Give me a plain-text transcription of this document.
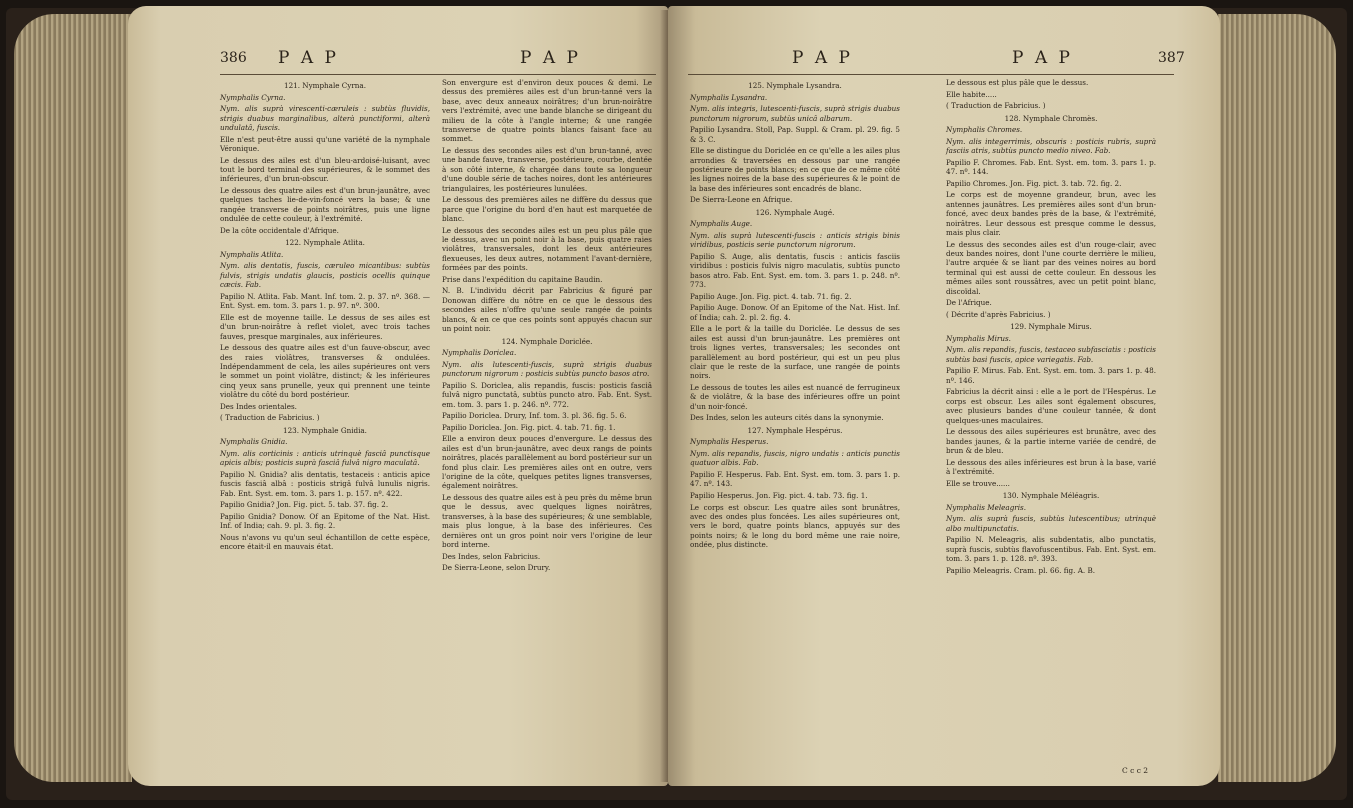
386 P A P	P A P

121. Nymphale Cyrna.

Nymphalis Cyrna.

Nym. alis suprà virescenti-cæruleis : subtùs fluvidis, strigis duabus marginalibus, alterà punctiformi, alterà undulatâ, fuscis.

Elle n'est peut-être aussi qu'une variété de la nymphale Véronique.

Le dessus des ailes est d'un bleu-ardoisé-luisant, avec tout le bord terminal des supérieures, & le sommet des inférieures, d'un brun-obscur.

Le dessous des quatre ailes est d'un brun-jaunâtre, avec quelques taches lie-de-vin-foncé vers la base; & une rangée transverse de points noirâtres, puis une ligne ondulée de cette couleur, à l'extrémité.

De la côte occidentale d'Afrique.

122. Nymphale Atlita.

Nymphalis Atlita.

Nym. alis dentatis, fuscis, cæruleo micantibus: subtùs fulvis, strigis undatis glaucis, posticis ocellis quinque cæcis. Fab.

Papilio N. Atlita. Fab. Mant. Inf. tom. 2. p. 37. nº. 368. — Ent. Syst. em. tom. 3. pars 1. p. 97. nº. 300.

Elle est de moyenne taille. Le dessus de ses ailes est d'un brun-noirâtre à reflet violet, avec trois taches fauves, presque marginales, aux inférieures.

Le dessous des quatre ailes est d'un fauve-obscur, avec des raies violâtres, transverses & ondulées. Indépendamment de cela, les ailes supérieures ont vers le sommet un point violâtre, distinct; & les inférieures cinq yeux sans prunelle, yeux qui prennent une teinte violâtre du côté du bord postérieur.

Des Indes orientales.

( Traduction de Fabricius. )

123. Nymphale Gnidia.

Nymphalis Gnidia.

Nym. alis corticinis : anticis utrinquè fasciâ punctisque apicis albis; posticis suprà fasciâ fulvâ nigro maculatâ.

Papilio N. Gnidia? alis dentatis, testaceis : anticis apice fuscis fasciâ albâ : posticis strigâ fulvâ lunulis nigris. Fab. Ent. Syst. em. tom. 3. pars 1. p. 157. nº. 422.

Papilio Gnidia? Jon. Fig. pict. 5. tab. 37. fig. 2.

Papilio Gnidia? Donow. Of an Epitome of the Nat. Hist. Inf. of India; cah. 9. pl. 3. fig. 2.

Nous n'avons vu qu'un seul échantillon de cette espèce, encore était-il en mauvais état.

Son envergure est d'environ deux pouces & demi. Le dessus des premières ailes est d'un brun-tanné vers la base, avec deux anneaux noirâtres; d'un brun-noirâtre vers l'extrémité, avec une bande blanche se dirigeant du milieu de la côte à l'angle interne; & une rangée transverse de quatre points blancs faisant face au sommet.

Le dessus des secondes ailes est d'un brun-tanné, avec une bande fauve, transverse, postérieure, courbe, dentée à son côté interne, & chargée dans toute sa longueur d'une double série de taches noires, dont les antérieures triangulaires, les postérieures lunulées.

Le dessous des premières ailes ne diffère du dessus que parce que l'origine du bord d'en haut est marquetée de blanc.

Le dessous des secondes ailes est un peu plus pâle que le dessus, avec un point noir à la base, puis quatre raies violâtres, transversales, dont les deux antérieures flexueuses, les deux autres, notamment l'avant-dernière, formées par des points.

Prise dans l'expédition du capitaine Baudin.

N. B. L'individu décrit par Fabricius & figuré par Donowan diffère du nôtre en ce que le dessous des secondes ailes n'offre qu'une seule rangée de points blancs, & en ce que ces points sont appuyés chacun sur un point noir.

124. Nymphale Doriclée.

Nymphalis Doriclea.

Nym. alis lutescenti-fuscis, suprà strigis duabus punctorum nigrorum : posticis subtùs puncto basos atro.

Papilio S. Doriclea, alis repandis, fuscis: posticis fasciâ fulvâ nigro punctatâ, subtùs puncto atro. Fab. Ent. Syst. em. tom. 3. pars 1. p. 246. nº. 772.

Papilio Doriclea. Drury, Inf. tom. 3. pl. 36. fig. 5. 6.

Papilio Doriclea. Jon. Fig. pict. 4. tab. 71. fig. 1.

Elle a environ deux pouces d'envergure. Le dessus des ailes est d'un brun-jaunâtre, avec deux rangs de points noirâtres, placés parallèlement au bord postérieur sur un fond plus clair. Les premières ailes ont en outre, vers l'origine de la côte, quelques petites lignes transverses, également noirâtres.

Le dessous des quatre ailes est à peu près du même brun que le dessus, avec quelques lignes noirâtres, transverses, à la base des supérieures; & une semblable, mais plus longue, à la base des inférieures. Ces dernières ont un gros point noir vers l'origine de leur bord interne.

Des Indes, selon Fabricius.

De Sierra-Leone, selon Drury.

P A P	P A P	387

125. Nymphale Lysandra.

Nymphalis Lysandra.

Nym. alis integris, lutescenti-fuscis, suprà strigis duabus punctorum nigrorum, subtùs unicâ albarum.

Papilio Lysandra. Stoll, Pap. Suppl. & Cram. pl. 29. fig. 5 & 3. C.

Elle se distingue du Doriclée en ce qu'elle a les ailes plus arrondies & traversées en dessous par une rangée postérieure de points blancs; en ce que de ce même côté les lignes noires de la base des supérieures & le point de la base des inférieures sont encadrés de blanc.

De Sierra-Leone en Afrique.

126. Nymphale Augé.

Nymphalis Auge.

Nym. alis suprà lutescenti-fuscis : anticis strigis binis viridibus, posticis serie punctorum nigrorum.

Papilio S. Auge, alis dentatis, fuscis : anticis fasciis viridibus : posticis fulvis nigro maculatis, subtùs puncto basos atro. Fab. Ent. Syst. em. tom. 3. pars 1. p. 248. nº. 773.

Papilio Auge. Jon. Fig. pict. 4. tab. 71. fig. 2.

Papilio Auge. Donow. Of an Epitome of the Nat. Hist. Inf. of India; cah. 2. pl. 2. fig. 4.

Elle a le port & la taille du Doriclée. Le dessus de ses ailes est aussi d'un brun-jaunâtre. Les premières ont trois lignes vertes, transversales; les secondes ont parallèlement au bord postérieur, qui est un peu plus clair que le reste de la surface, une rangée de points noirs.

Le dessous de toutes les ailes est nuancé de ferrugineux & de violâtre, & la base des inférieures offre un point d'un noir-foncé.

Des Indes, selon les auteurs cités dans la synonymie.

127. Nymphale Hespérus.

Nymphalis Hesperus.

Nym. alis repandis, fuscis, nigro undatis : anticis punctis quatuor albis. Fab.

Papilio F. Hesperus. Fab. Ent. Syst. em. tom. 3. pars 1. p. 47. nº. 143.

Papilio Hesperus. Jon. Fig. pict. 4. tab. 73. fig. 1.

Le corps est obscur. Les quatre ailes sont brunâtres, avec des ondes plus foncées. Les ailes supérieures ont, vers le bord, quatre points blancs, appuyés sur des points noirs; & le long du bord même une raie noire, ondée, plus distincte.

Le dessous est plus pâle que le dessus.

Elle habite.....

( Traduction de Fabricius. )

128. Nymphale Chromès.

Nymphalis Chromes.

Nym. alis integerrimis, obscuris : posticis rubris, suprà fasciis atris, subtùs puncto medio niveo. Fab.

Papilio F. Chromes. Fab. Ent. Syst. em. tom. 3. pars 1. p. 47. nº. 144.

Papilio Chromes. Jon. Fig. pict. 3. tab. 72. fig. 2.

Le corps est de moyenne grandeur, brun, avec les antennes jaunâtres. Les premières ailes sont d'un brun-foncé, avec deux bandes près de la base, & l'extrémité, noirâtres. Leur dessous est presque comme le dessus, mais plus clair.

Le dessus des secondes ailes est d'un rouge-clair, avec deux bandes noires, dont l'une courte derrière le milieu, l'autre arquée & se liant par des veines noires au bord terminal qui est aussi de cette couleur. En dessous les mêmes ailes sont roussâtres, avec un petit point blanc, discoïdal.

De l'Afrique.

( Décrite d'après Fabricius. )

129. Nymphale Mirus.

Nymphalis Mirus.

Nym. alis repandis, fuscis, testaceo subfasciatis : posticis subtùs basi fuscis, apice variegatis. Fab.

Papilio F. Mirus. Fab. Ent. Syst. em. tom. 3. pars 1. p. 48. nº. 146.

Fabricius la décrit ainsi : elle a le port de l'Hespérus. Le corps est obscur. Les ailes sont également obscures, avec plusieurs bandes d'une couleur tannée, & dont quelques-unes maculaires.

Le dessous des ailes supérieures est brunâtre, avec des bandes jaunes, & la partie interne variée de cendré, de brun & de bleu.

Le dessous des ailes inférieures est brun à la base, varié à l'extrémité.

Elle se trouve......

130. Nymphale Méléagris.

Nymphalis Meleagris.

Nym. alis suprà fuscis, subtùs lutescentibus; utrinquè albo multipunctatis.

Papilio N. Meleagris, alis subdentatis, albo punctatis, suprà fuscis, subtùs flavofuscentibus. Fab. Ent. Syst. em. tom. 3. pars 1. p. 128. nº. 393.

Papilio Meleagris. Cram. pl. 66. fig. A. B.

C c c 2
